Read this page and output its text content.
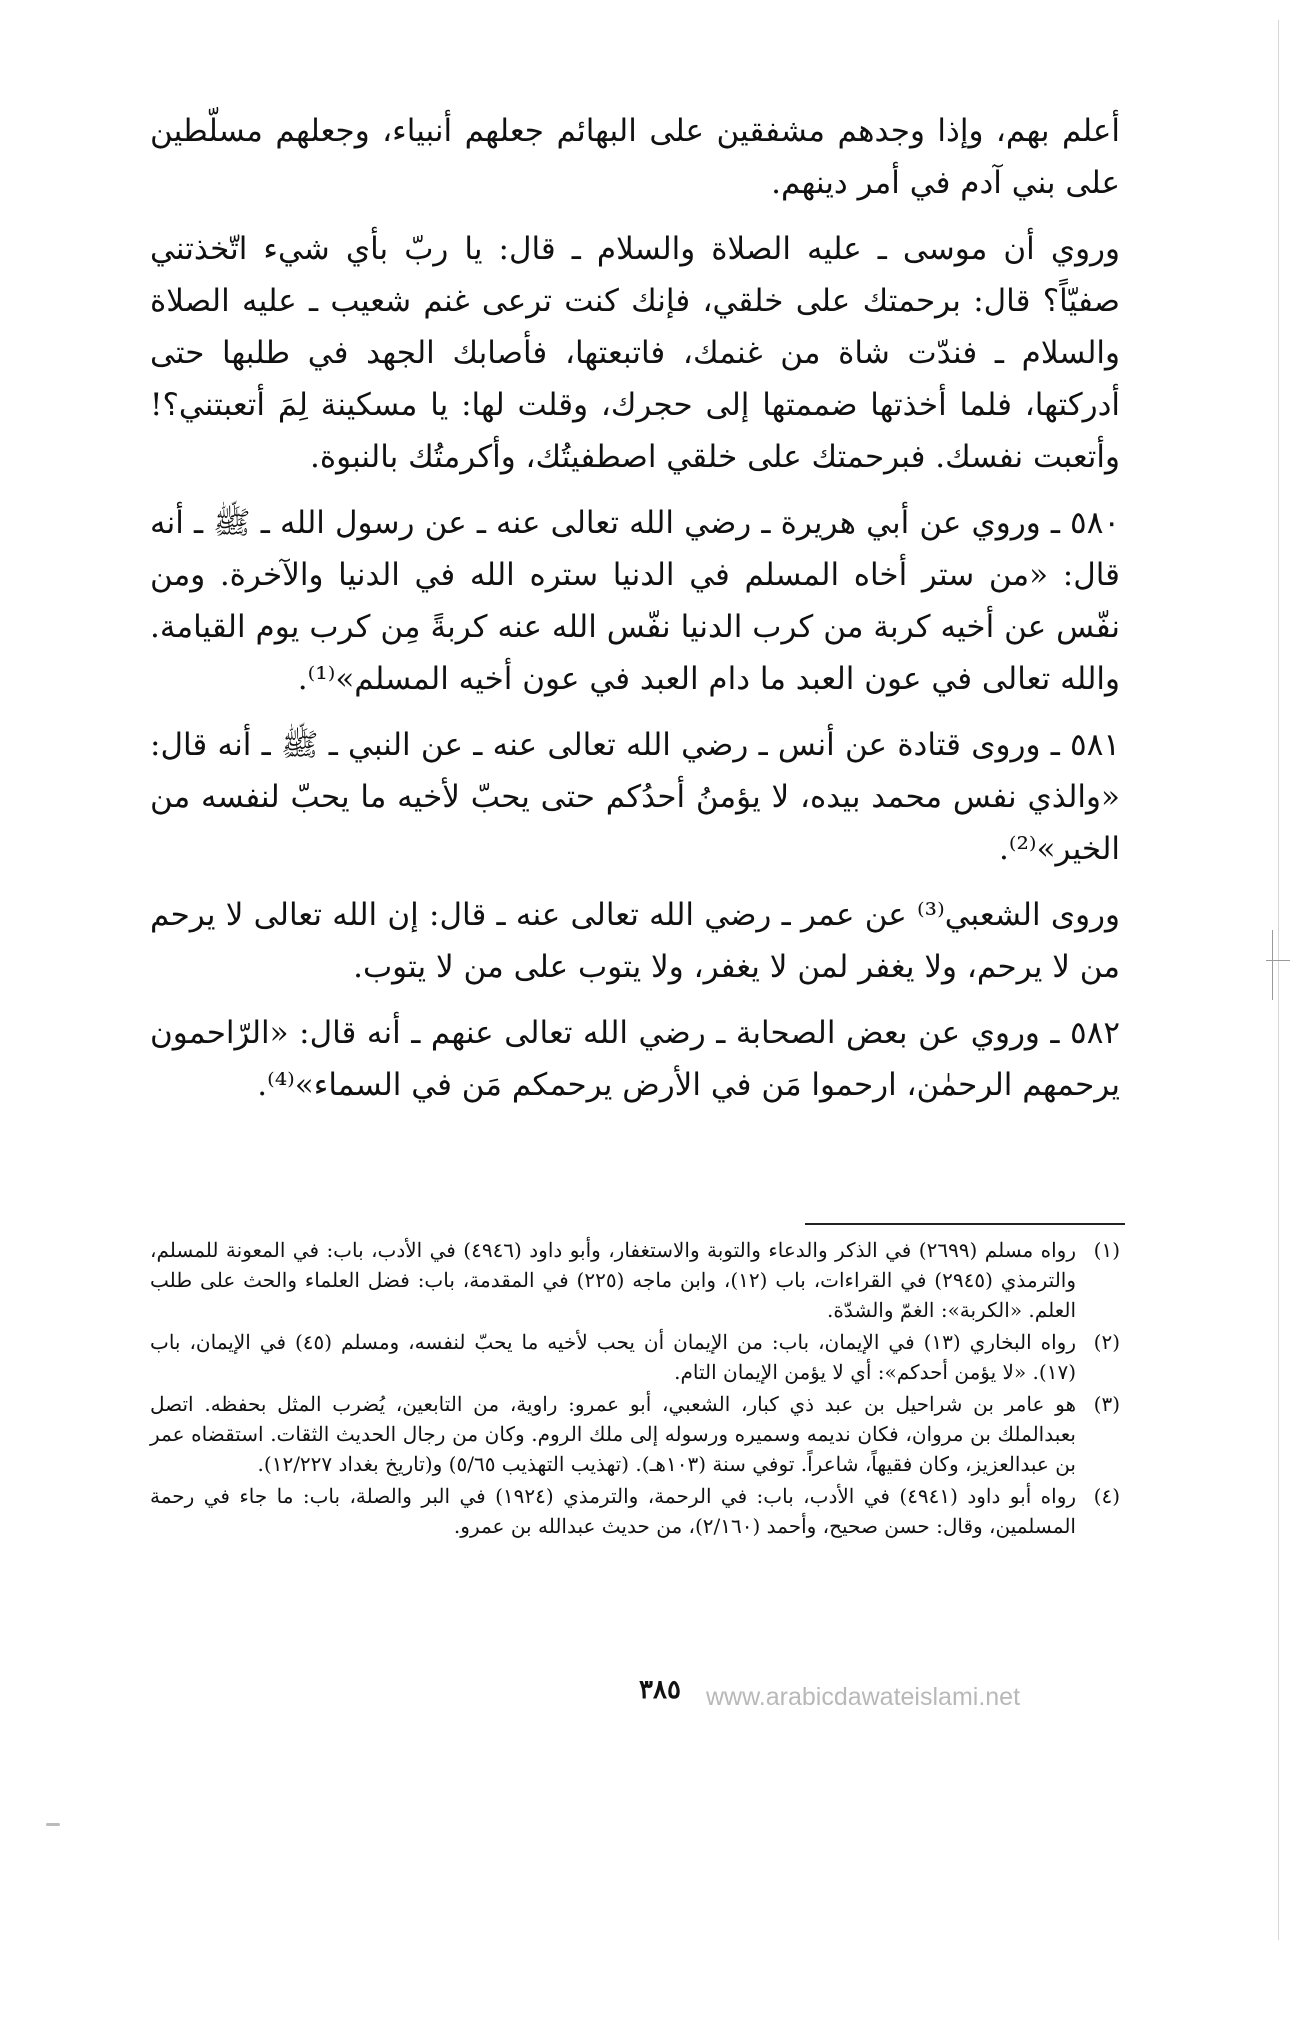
أعلم بهم، وإذا وجدهم مشفقين على البهائم جعلهم أنبياء، وجعلهم مسلّطين على بني آدم في أمر دينهم.

وروي أن موسى ـ عليه الصلاة والسلام ـ قال: يا ربّ بأي شيء اتّخذتني صفيّاً؟ قال: برحمتك على خلقي، فإنك كنت ترعى غنم شعيب ـ عليه الصلاة والسلام ـ فندّت شاة من غنمك، فاتبعتها، فأصابك الجهد في طلبها حتى أدركتها، فلما أخذتها ضممتها إلى حجرك، وقلت لها: يا مسكينة لِمَ أتعبتني؟! وأتعبت نفسك. فبرحمتك على خلقي اصطفيتُك، وأكرمتُك بالنبوة.

٥٨٠ ـ وروي عن أبي هريرة ـ رضي الله تعالى عنه ـ عن رسول الله ـ ﷺ ـ أنه قال: «من ستر أخاه المسلم في الدنيا ستره الله في الدنيا والآخرة. ومن نفّس عن أخيه كربة من كرب الدنيا نفّس الله عنه كربةً مِن كرب يوم القيامة. والله تعالى في عون العبد ما دام العبد في عون أخيه المسلم»⁽¹⁾.

٥٨١ ـ وروى قتادة عن أنس ـ رضي الله تعالى عنه ـ عن النبي ـ ﷺ ـ أنه قال: «والذي نفس محمد بيده، لا يؤمنُ أحدُكم حتى يحبّ لأخيه ما يحبّ لنفسه من الخير»⁽²⁾.

وروى الشعبي⁽³⁾ عن عمر ـ رضي الله تعالى عنه ـ قال: إن الله تعالى لا يرحم من لا يرحم، ولا يغفر لمن لا يغفر، ولا يتوب على من لا يتوب.

٥٨٢ ـ وروي عن بعض الصحابة ـ رضي الله تعالى عنهم ـ أنه قال: «الرّاحمون يرحمهم الرحمٰن، ارحموا مَن في الأرض يرحمكم مَن في السماء»⁽⁴⁾.

(١)
رواه مسلم (٢٦٩٩) في الذكر والدعاء والتوبة والاستغفار، وأبو داود (٤٩٤٦) في الأدب، باب: في المعونة للمسلم، والترمذي (٢٩٤٥) في القراءات، باب (١٢)، وابن ماجه (٢٢٥) في المقدمة، باب: فضل العلماء والحث على طلب العلم. «الكربة»: الغمّ والشدّة.
(٢)
رواه البخاري (١٣) في الإيمان، باب: من الإيمان أن يحب لأخيه ما يحبّ لنفسه، ومسلم (٤٥) في الإيمان، باب (١٧). «لا يؤمن أحدكم»: أي لا يؤمن الإيمان التام.
(٣)
هو عامر بن شراحيل بن عبد ذي كبار، الشعبي، أبو عمرو: راوية، من التابعين، يُضرب المثل بحفظه. اتصل بعبدالملك بن مروان، فكان نديمه وسميره ورسوله إلى ملك الروم. وكان من رجال الحديث الثقات. استقضاه عمر بن عبدالعزيز، وكان فقيهاً، شاعراً. توفي سنة (١٠٣هـ). (تهذيب التهذيب ٥/٦٥) و(تاريخ بغداد ١٢/٢٢٧).
(٤)
رواه أبو داود (٤٩٤١) في الأدب، باب: في الرحمة، والترمذي (١٩٢٤) في البر والصلة، باب: ما جاء في رحمة المسلمين، وقال: حسن صحيح، وأحمد (٢/١٦٠)، من حديث عبدالله بن عمرو.
٣٨٥	www.arabicdawateislami.net
